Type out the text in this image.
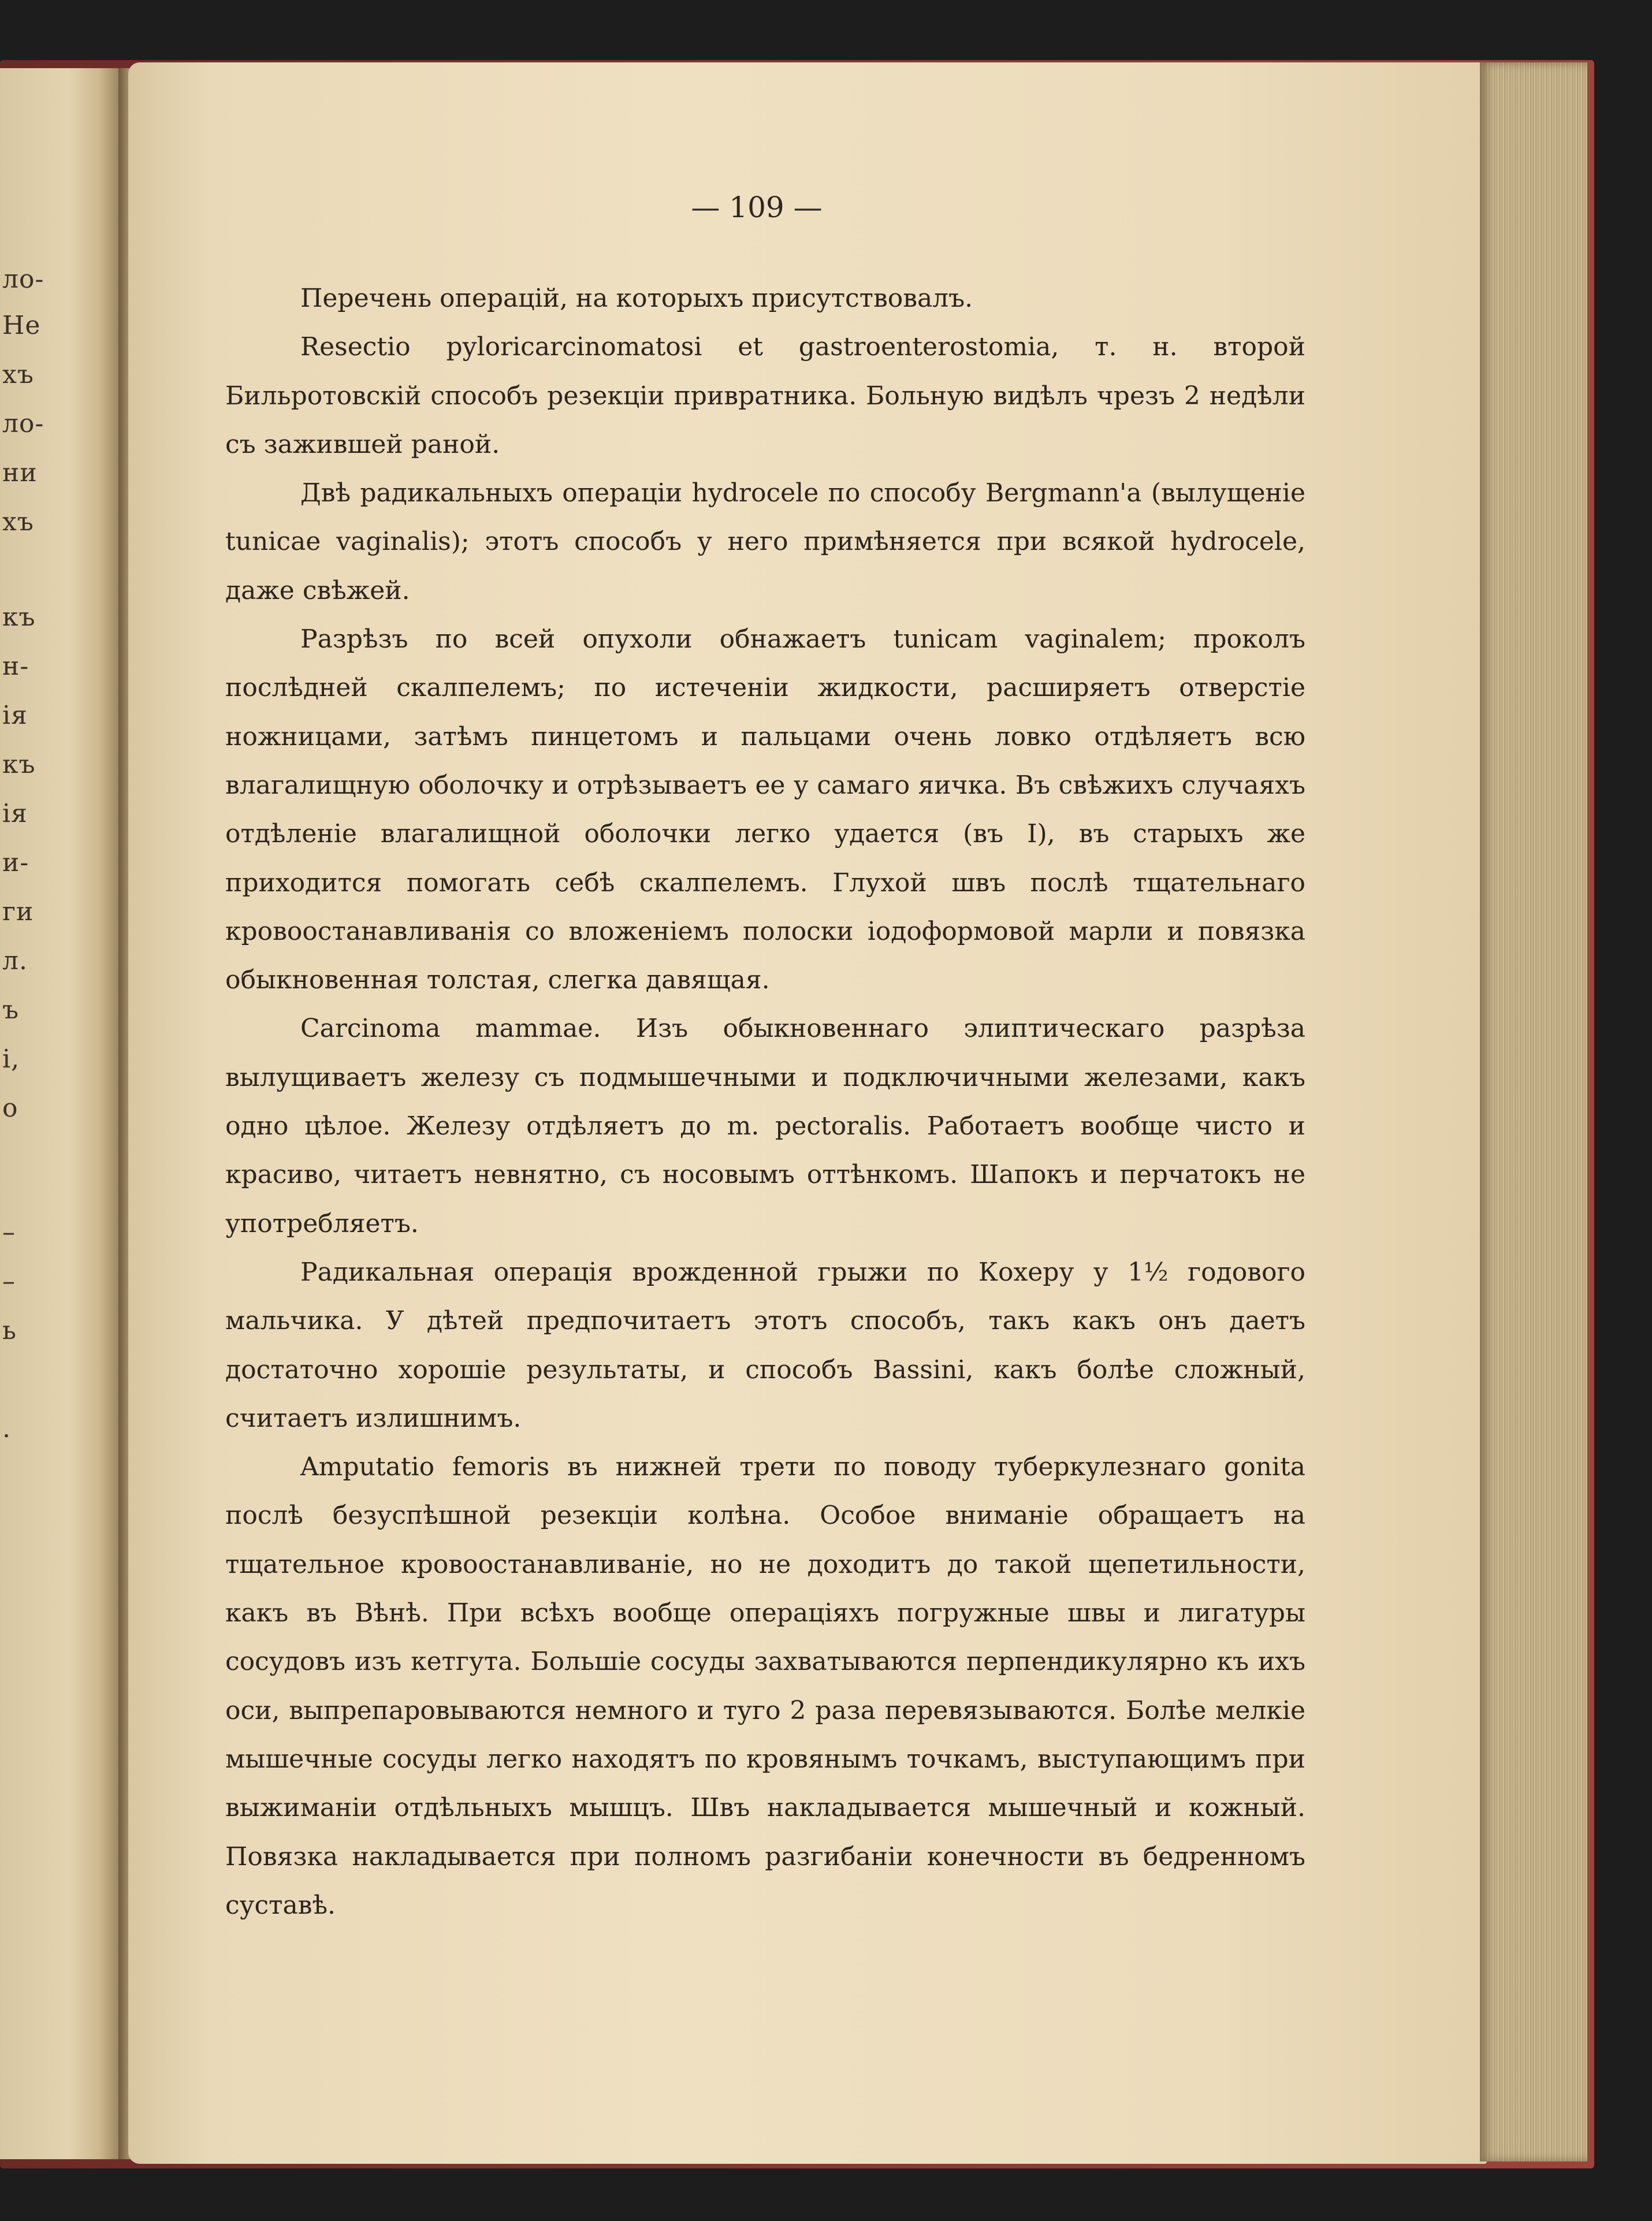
ло-
Не
хъ
ло-
ни
хъ
къ
н-
ія
къ
ія
и-
ги
л.
ъ
і,
о
–
–
ь
.
— 109 —

Перечень операцій, на которыхъ присутствовалъ.

Resectio pyloricarcinomatosi et gastroenterostomia, т. н. второй Бильротовскій способъ резекціи привратника. Больную видѣлъ чрезъ 2 недѣли съ зажившей раной.

Двѣ радикальныхъ операціи hydrocele по способу Bergmann'a (вылущеніе tunicae vaginalis); этотъ способъ у него примѣняется при всякой hydrocele, даже свѣжей.

Разрѣзъ по всей опухоли обнажаетъ tunicam vaginalem; проколъ послѣдней скалпелемъ; по истеченіи жидкости, расширяетъ отверстіе ножницами, затѣмъ пинцетомъ и пальцами очень ловко отдѣляетъ всю влагалищную оболочку и отрѣзываетъ ее у самаго яичка. Въ свѣжихъ случаяхъ отдѣленіе влагалищной оболочки легко удается (въ I), въ старыхъ же приходится помогать себѣ скалпелемъ. Глухой швъ послѣ тщательнаго кровоостанавливанія со вложеніемъ полоски іодоформовой марли и повязка обыкновенная толстая, слегка давящая.

Carcinoma mammae. Изъ обыкновеннаго элиптическаго разрѣза вылущиваетъ железу съ подмышечными и подключичными железами, какъ одно цѣлое. Железу отдѣляетъ до m. pectoralis. Работаетъ вообще чисто и красиво, читаетъ невнятно, съ носовымъ оттѣнкомъ. Шапокъ и перчатокъ не употребляетъ.

Радикальная операція врожденной грыжи по Кохеру у 1½ годового мальчика. У дѣтей предпочитаетъ этотъ способъ, такъ какъ онъ даетъ достаточно хорошіе результаты, и способъ Bassini, какъ болѣе сложный, считаетъ излишнимъ.

Amputatio femoris въ нижней трети по поводу туберкулезнаго gonita послѣ безуспѣшной резекціи колѣна. Особое вниманіе обращаетъ на тщательное кровоостанавливаніе, но не доходитъ до такой щепетильности, какъ въ Вѣнѣ. При всѣхъ вообще операціяхъ погружные швы и лигатуры сосудовъ изъ кетгута. Большіе сосуды захватываются перпендикулярно къ ихъ оси, выпрепаровываются немного и туго 2 раза перевязываются. Болѣе мелкіе мышечные сосуды легко находятъ по кровянымъ точкамъ, выступающимъ при выжиманіи отдѣльныхъ мышцъ. Швъ накладывается мышечный и кожный. Повязка накладывается при полномъ разгибаніи конечности въ бедренномъ суставѣ.
